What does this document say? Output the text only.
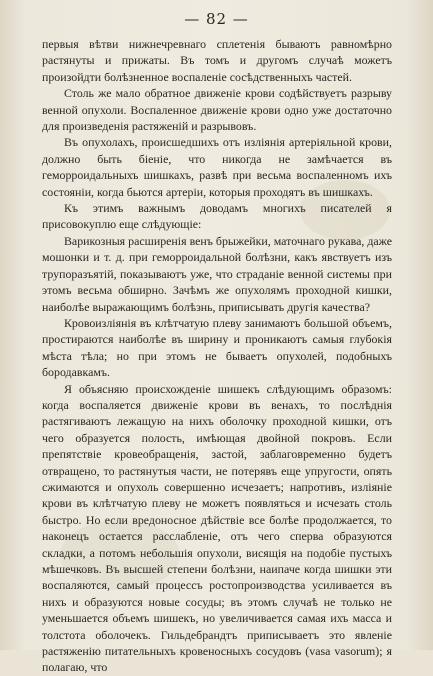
— 82 —

первыя вѣтви нижнечревнаго сплетенія бываютъ равномѣрно растянуты и прижаты. Въ томъ и другомъ случаѣ можетъ произойдти болѣзненное воспаленіе сосѣдственныхъ частей.

Столь же мало обратное движеніе крови содѣйствуетъ разрыву венной опухоли. Воспаленное движеніе крови одно уже достаточно для произведенія растяженій и разрывовъ.

Въ опухолахъ, происшедшихъ отъ изліянія артеріяльной крови, должно быть біеніе, что никогда не замѣчается въ геморроидальныхъ шишкахъ, развѣ при весьма воспаленномъ ихъ состояніи, когда бьются артеріи, которыя проходятъ въ шишкахъ.

Къ этимъ важнымъ доводамъ многихъ писателей я присовокуплю еще слѣдующіе:

Варикозныя расширенія венъ брыжейки, маточнаго рукава, даже мошонки и т. д. при геморроидальной болѣзни, какъ явствуетъ изъ трупоразъятій, показываютъ уже, что страданіе венной системы при этомъ весьма обширно. Зачѣмъ же опухолямъ проходной кишки, наиболѣе выражающимъ болѣзнь, приписывать другія качества?

Кровоизліянія въ клѣтчатую плеву занимаютъ большой объемъ, простираются наиболѣе въ ширину и проникаютъ самыя глубокія мѣста тѣла; но при этомъ не бываетъ опухолей, подобныхъ бородавкамъ.

Я объясняю происхожденіе шишекъ слѣдующимъ образомъ: когда воспаляется движеніе крови въ венахъ, то послѣднія растягиваютъ лежащую на нихъ оболочку проходной кишки, отъ чего образуется полость, имѣющая двойной покровъ. Если препятствіе кровеобращенія, застой, заблаговременно будетъ отвращено, то растянутыя части, не потерявъ еще упругости, опять сжимаются и опухоль совершенно исчезаетъ; напротивъ, изліяніе крови въ клѣтчатую плеву не можетъ появляться и исчезать столь быстро. Но если вредоносное дѣйствіе все болѣе продолжается, то наконецъ остается расслабленіе, отъ чего сперва образуются складки, а потомъ небольшія опухоли, висящія на подобіе пустыхъ мѣшечковъ. Въ высшей степени болѣзни, наипаче когда шишки эти воспаляются, самый процессъ ростопроизводства усиливается въ нихъ и образуются новые сосуды; въ этомъ случаѣ не только не уменьшается объемъ шишекъ, но увеличивается самая ихъ масса и толстота оболочекъ. Гильдебрандтъ приписываетъ это явленіе растяженію питательныхъ кровеносныхъ сосудовъ (vasa vasorum); я полагаю, что
